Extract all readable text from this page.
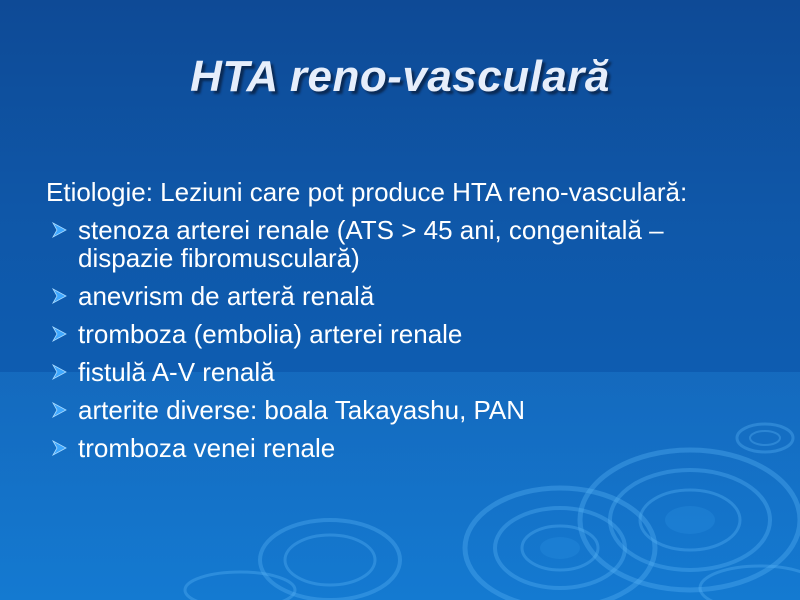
HTA reno-vasculară

Etiologie: Leziuni care pot produce HTA reno-vasculară:

stenoza arterei renale (ATS > 45 ani, congenitală – dispazie fibromusculară)
anevrism de arteră renală
tromboza (embolia) arterei renale
fistulă A-V renală
arterite diverse: boala Takayashu, PAN
tromboza venei renale
